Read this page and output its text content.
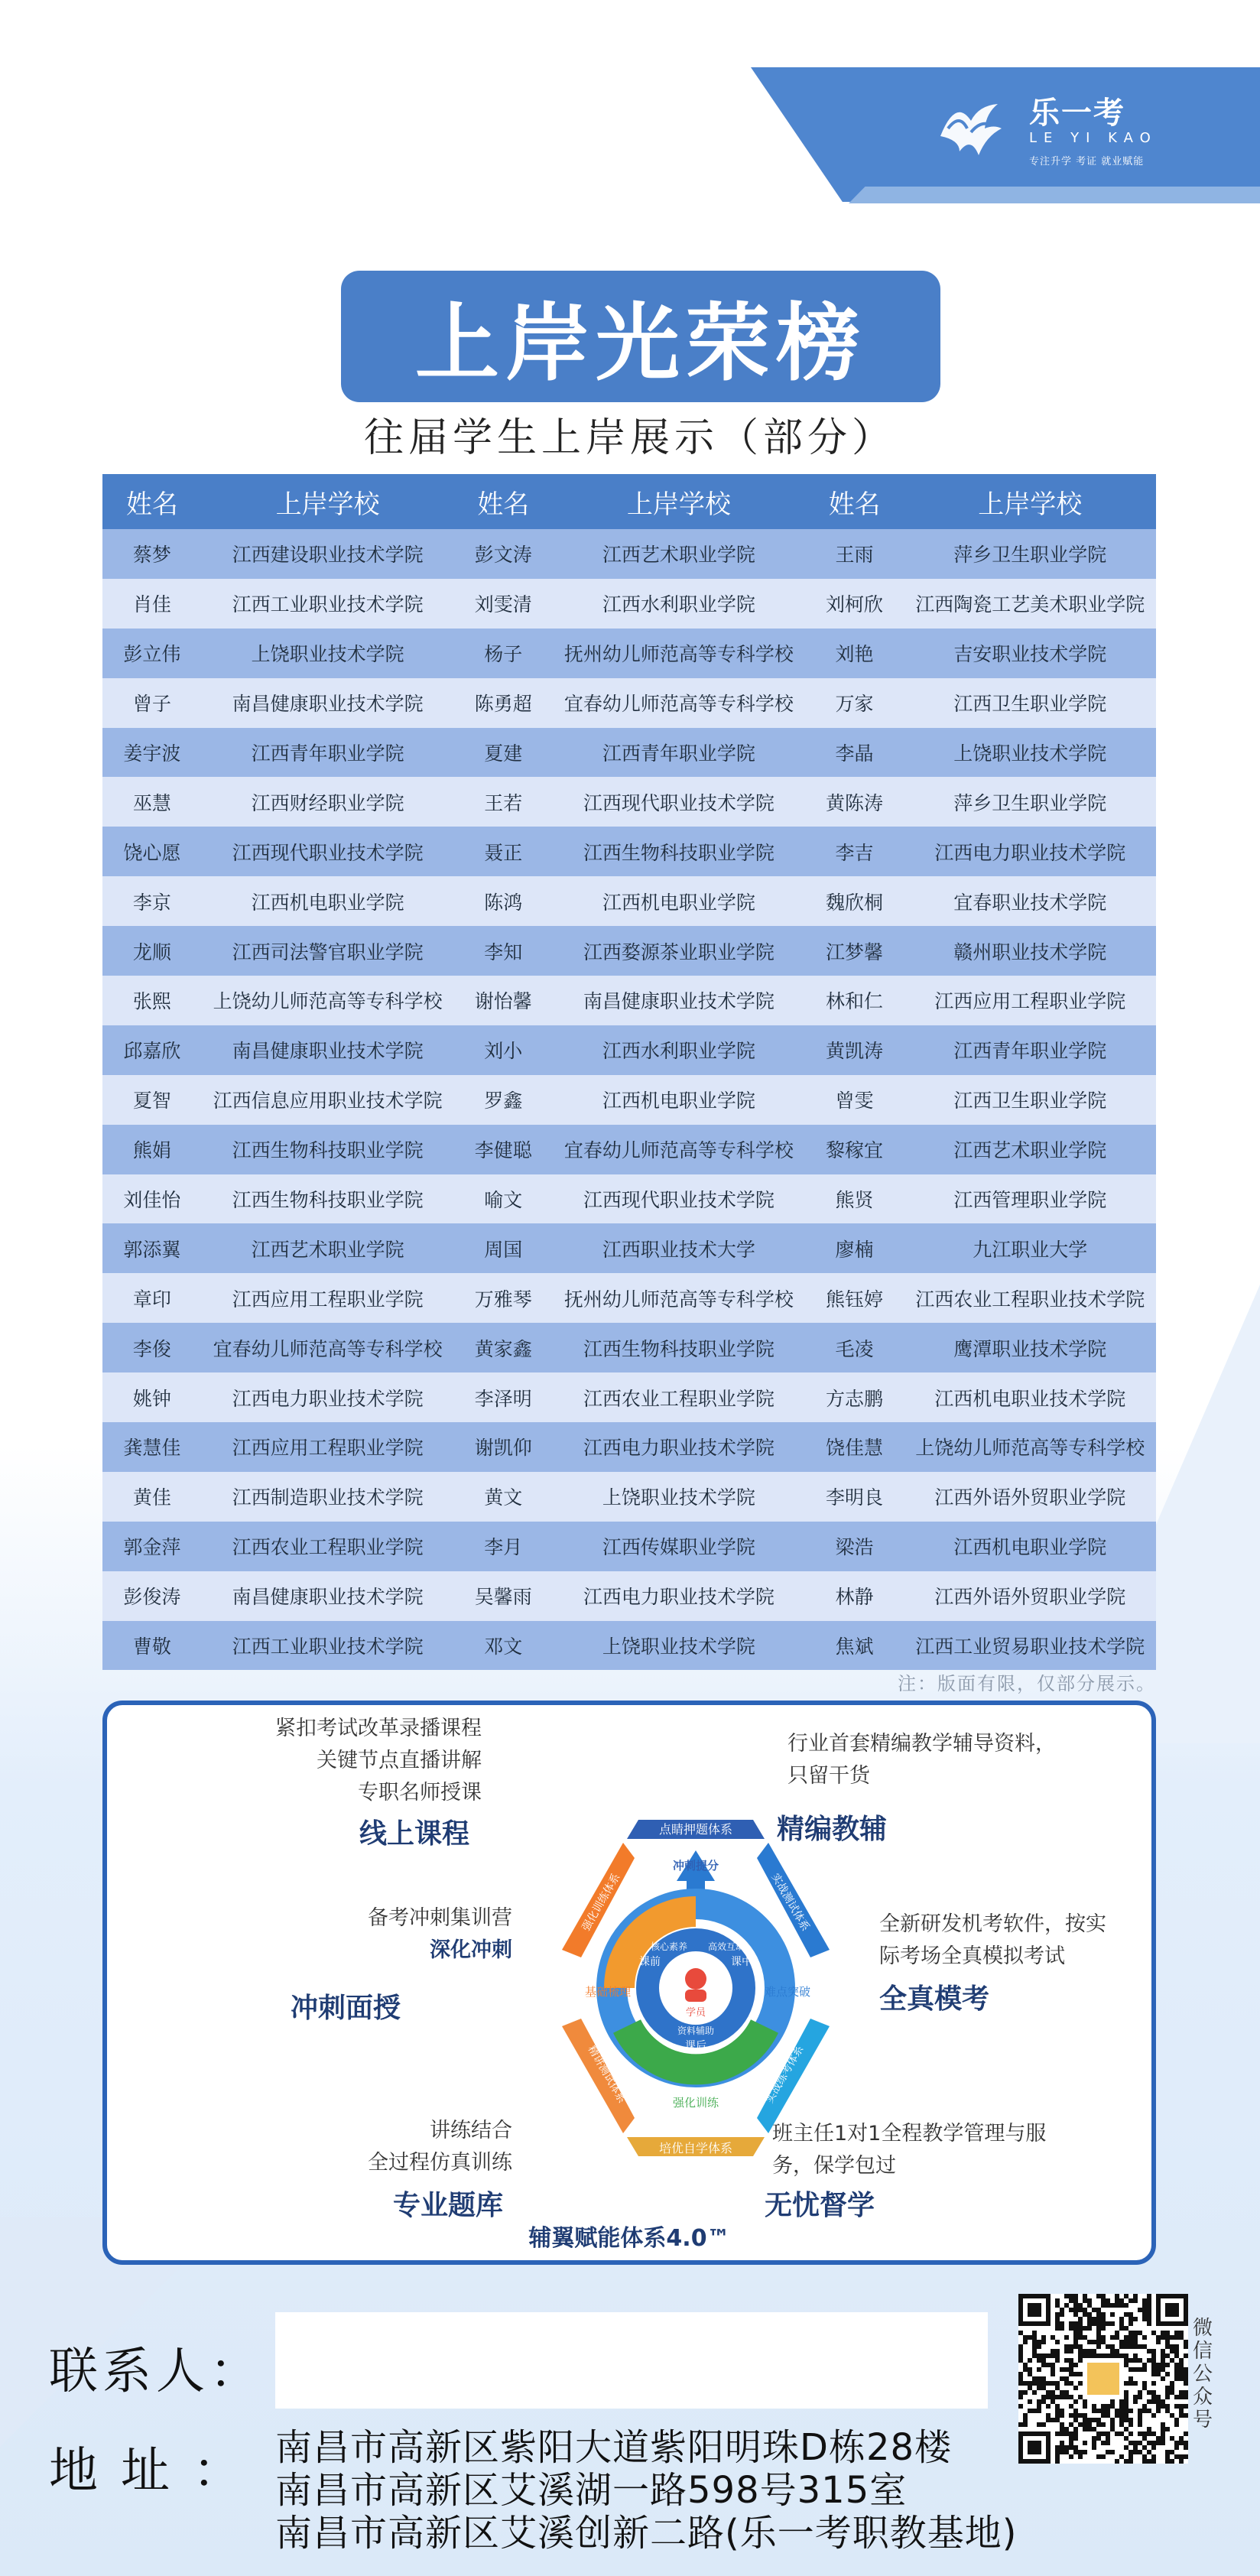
乐一考
LE YI KAO
专注升学 考证 就业赋能
上岸光荣榜
往届学生上岸展示（部分）
姓名	上岸学校	姓名	上岸学校	姓名	上岸学校
蔡梦	江西建设职业技术学院	彭文涛	江西艺术职业学院	王雨	萍乡卫生职业学院
肖佳	江西工业职业技术学院	刘雯清	江西水利职业学院	刘柯欣	江西陶瓷工艺美术职业学院
彭立伟	上饶职业技术学院	杨子	抚州幼儿师范高等专科学校	刘艳	吉安职业技术学院
曾子	南昌健康职业技术学院	陈勇超	宜春幼儿师范高等专科学校	万家	江西卫生职业学院
姜宇波	江西青年职业学院	夏建	江西青年职业学院	李晶	上饶职业技术学院
巫慧	江西财经职业学院	王若	江西现代职业技术学院	黄陈涛	萍乡卫生职业学院
饶心愿	江西现代职业技术学院	聂正	江西生物科技职业学院	李吉	江西电力职业技术学院
李京	江西机电职业学院	陈鸿	江西机电职业学院	魏欣桐	宜春职业技术学院
龙顺	江西司法警官职业学院	李知	江西婺源茶业职业学院	江梦馨	赣州职业技术学院
张熙	上饶幼儿师范高等专科学校	谢怡馨	南昌健康职业技术学院	林和仁	江西应用工程职业学院
邱嘉欣	南昌健康职业技术学院	刘小	江西水利职业学院	黄凯涛	江西青年职业学院
夏智	江西信息应用职业技术学院	罗鑫	江西机电职业学院	曾雯	江西卫生职业学院
熊娟	江西生物科技职业学院	李健聪	宜春幼儿师范高等专科学校	黎稼宜	江西艺术职业学院
刘佳怡	江西生物科技职业学院	喻文	江西现代职业技术学院	熊贤	江西管理职业学院
郭添翼	江西艺术职业学院	周国	江西职业技术大学	廖楠	九江职业大学
章印	江西应用工程职业学院	万雅琴	抚州幼儿师范高等专科学校	熊钰婷	江西农业工程职业技术学院
李俊	宜春幼儿师范高等专科学校	黄家鑫	江西生物科技职业学院	毛凌	鹰潭职业技术学院
姚钟	江西电力职业技术学院	李泽明	江西农业工程职业学院	方志鹏	江西机电职业技术学院
龚慧佳	江西应用工程职业学院	谢凯仰	江西电力职业技术学院	饶佳慧	上饶幼儿师范高等专科学校
黄佳	江西制造职业技术学院	黄文	上饶职业技术学院	李明良	江西外语外贸职业学院
郭金萍	江西农业工程职业学院	李月	江西传媒职业学院	梁浩	江西机电职业学院
彭俊涛	南昌健康职业技术学院	吴馨雨	江西电力职业技术学院	林静	江西外语外贸职业学院
曹敬	江西工业职业技术学院	邓文	上饶职业技术学院	焦斌	江西工业贸易职业技术学院
注：版面有限，仅部分展示。
紧扣考试改革录播课程
关键节点直播讲解
专职名师授课
线上课程
行业首套精编教学辅导资料，
只留干货
精编教辅
备考冲刺集训营
深化冲刺
冲刺面授
全新研发机考软件，按实
际考场全真模拟考试
全真模考
讲练结合
全过程仿真训练
专业题库
班主任1对1全程教学管理与服
务，保学包过
无忧督学
点睛押题体系
培优自学体系
实战测试体系
实战练考体系
精讲测试体系
强化训练体系
冲刺提分
学员
课前	课中
课后
核心素养 高效互动
资料辅助
基础梳理	难点突破
强化训练
辅翼赋能体系4.0™
联系人：
地址： 南昌市高新区紫阳大道紫阳明珠D栋28楼
南昌市高新区艾溪湖一路598号315室
南昌市高新区艾溪创新二路(乐一考职教基地)
微信公众号
